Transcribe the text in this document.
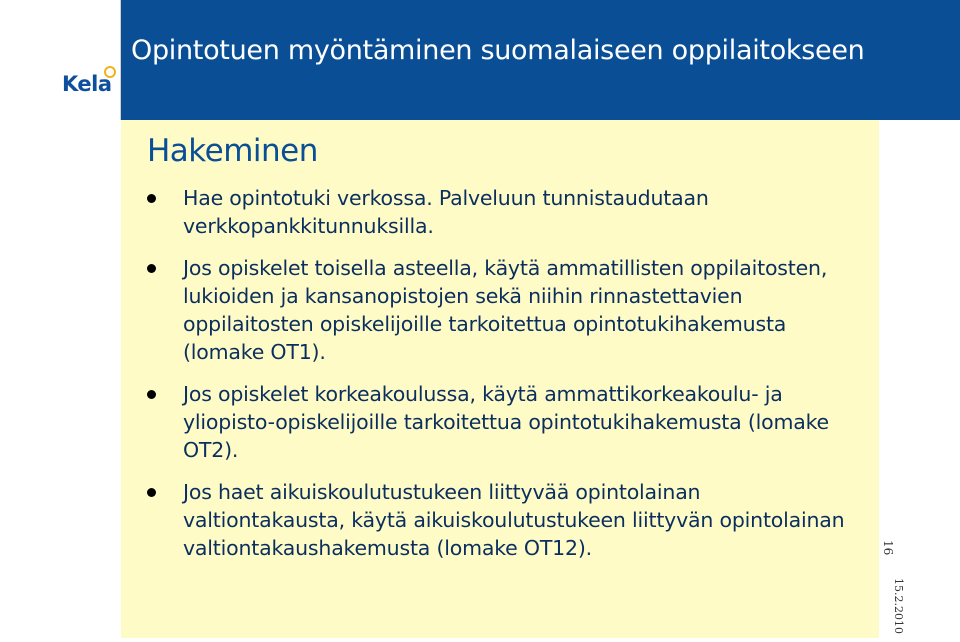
Kela
Opintotuen myöntäminen suomalaiseen oppilaitokseen
Hakeminen
Hae opintotuki verkossa. Palveluun tunnistaudutaan verkkopankkitunnuksilla.
Jos opiskelet toisella asteella, käytä ammatillisten oppilaitosten, lukioiden ja kansanopistojen sekä niihin rinnastettavien oppilaitosten opiskelijoille tarkoitettua opintotukihakemusta (lomake OT1).
Jos opiskelet korkeakoulussa, käytä ammattikorkeakoulu- ja yliopisto-opiskelijoille tarkoitettua opintotukihakemusta (lomake OT2).
Jos haet aikuiskoulutustukeen liittyvää opintolainan valtiontakausta, käytä aikuiskoulutustukeen liittyvän opintolainan valtiontakaushakemusta (lomake OT12).	16
15.2.2010
